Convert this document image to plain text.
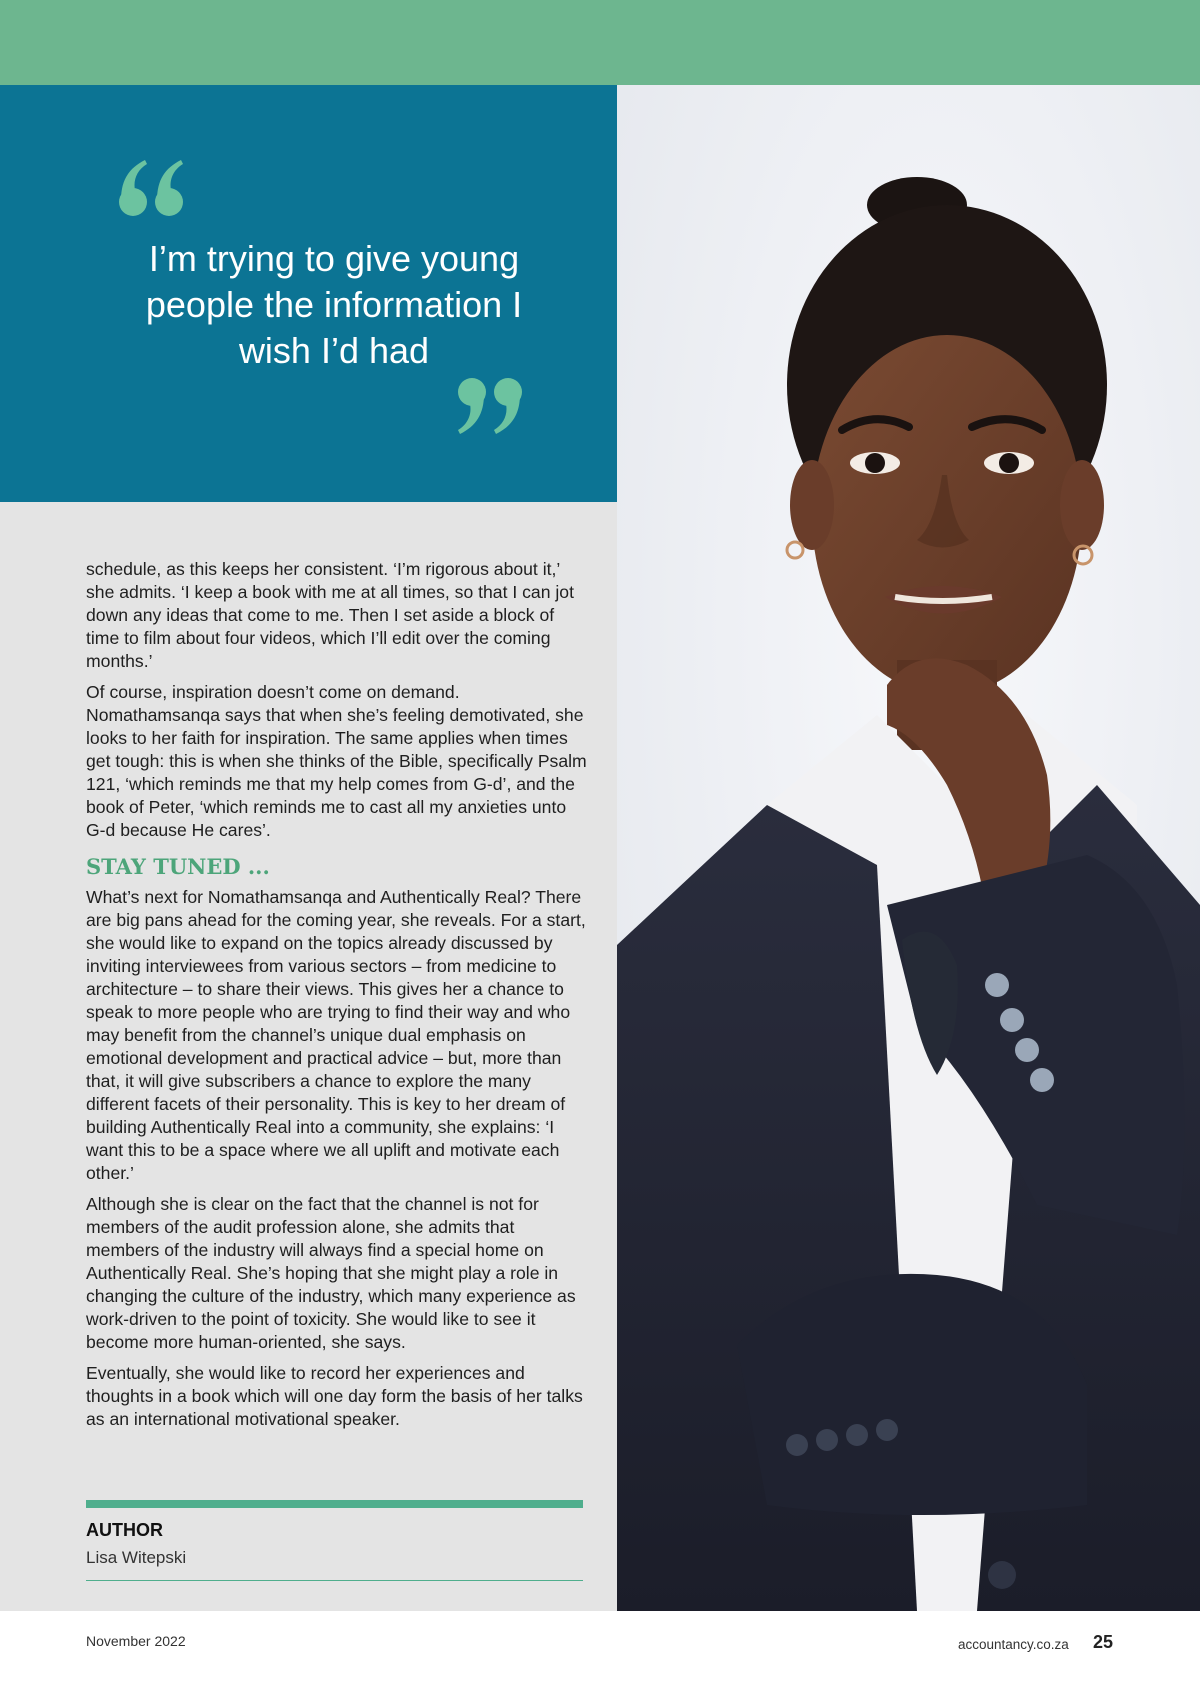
I’m trying to give young people the information I wish I’d had

schedule, as this keeps her consistent. ‘I’m rigorous about it,’ she admits. ‘I keep a book with me at all times, so that I can jot down any ideas that come to me. Then I set aside a block of time to film about four videos, which I’ll edit over the coming months.’

Of course, inspiration doesn’t come on demand. Nomathamsanqa says that when she’s feeling demotivated, she looks to her faith for inspiration. The same applies when times get tough: this is when she thinks of the Bible, specifically Psalm 121, ‘which reminds me that my help comes from G-d’, and the book of Peter, ‘which reminds me to cast all my anxieties unto G-d because He cares’.

STAY TUNED ...

What’s next for Nomathamsanqa and Authentically Real? There are big pans ahead for the coming year, she reveals. For a start, she would like to expand on the topics already discussed by inviting interviewees from various sectors – from medicine to architecture – to share their views. This gives her a chance to speak to more people who are trying to find their way and who may benefit from the channel’s unique dual emphasis on emotional development and practical advice – but, more than that, it will give subscribers a chance to explore the many different facets of their personality. This is key to her dream of building Authentically Real into a community, she explains: ‘I want this to be a space where we all uplift and motivate each other.’

Although she is clear on the fact that the channel is not for members of the audit profession alone, she admits that members of the industry will always find a special home on Authentically Real. She’s hoping that she might play a role in changing the culture of the industry, which many experience as work-driven to the point of toxicity. She would like to see it become more human-oriented, she says.

Eventually, she would like to record her experiences and thoughts in a book which will one day form the basis of her talks as an international motivational speaker.

AUTHOR
Lisa Witepski
November 2022	accountancy.co.za 25
